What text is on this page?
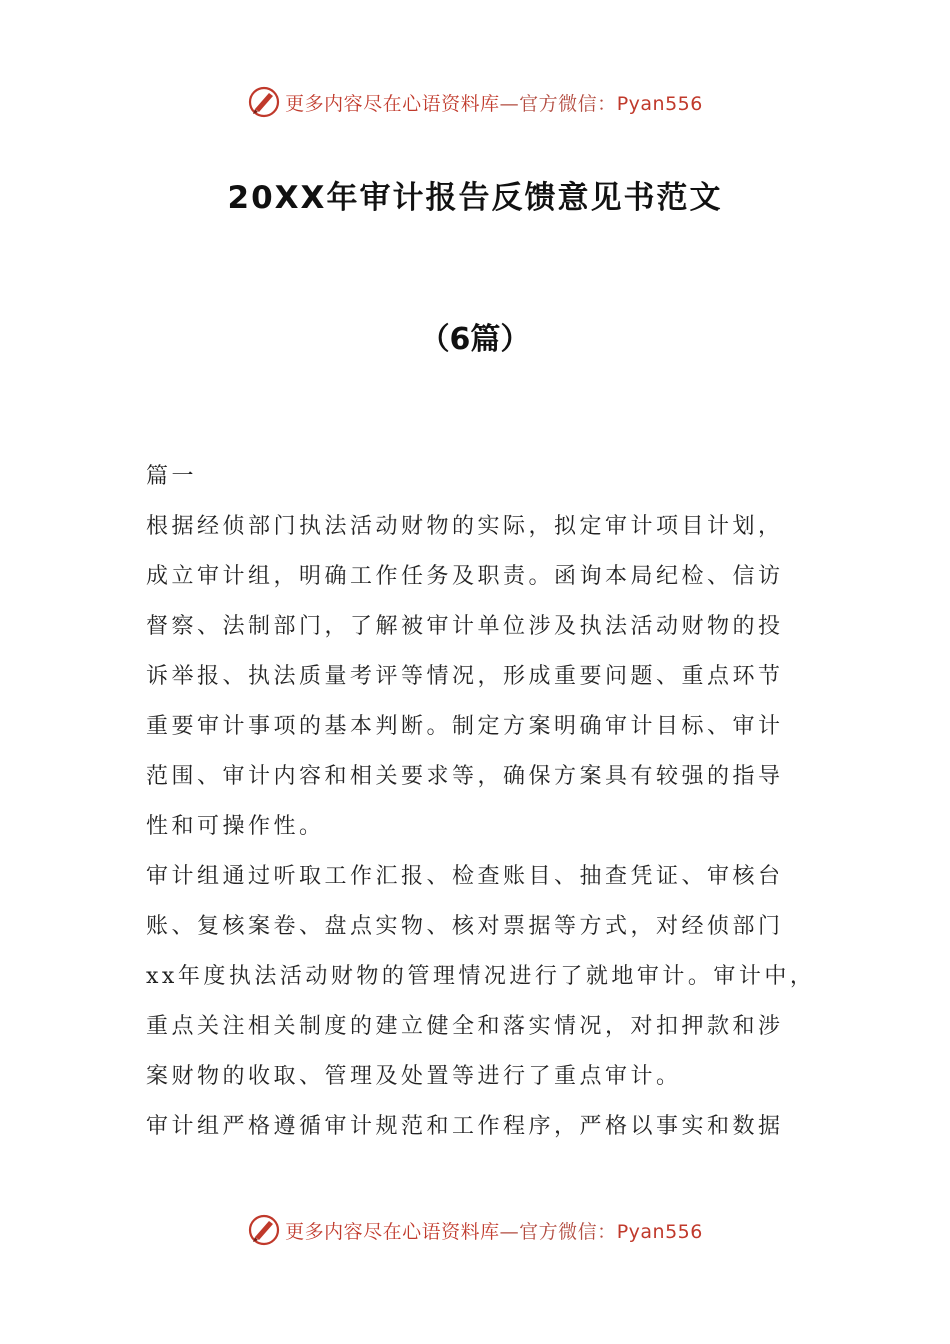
更多内容尽在心语资料库—官方微信：Pyan556
20XX年审计报告反馈意见书范文
（6篇）
篇一
根据经侦部门执法活动财物的实际，拟定审计项目计划，
成立审计组，明确工作任务及职责。函询本局纪检、信访
督察、法制部门，了解被审计单位涉及执法活动财物的投
诉举报、执法质量考评等情况，形成重要问题、重点环节
重要审计事项的基本判断。制定方案明确审计目标、审计
范围、审计内容和相关要求等，确保方案具有较强的指导
性和可操作性。
审计组通过听取工作汇报、检查账目、抽查凭证、审核台
账、复核案卷、盘点实物、核对票据等方式，对经侦部门
xx年度执法活动财物的管理情况进行了就地审计。审计中，
重点关注相关制度的建立健全和落实情况，对扣押款和涉
案财物的收取、管理及处置等进行了重点审计。
审计组严格遵循审计规范和工作程序，严格以事实和数据
更多内容尽在心语资料库—官方微信：Pyan556
